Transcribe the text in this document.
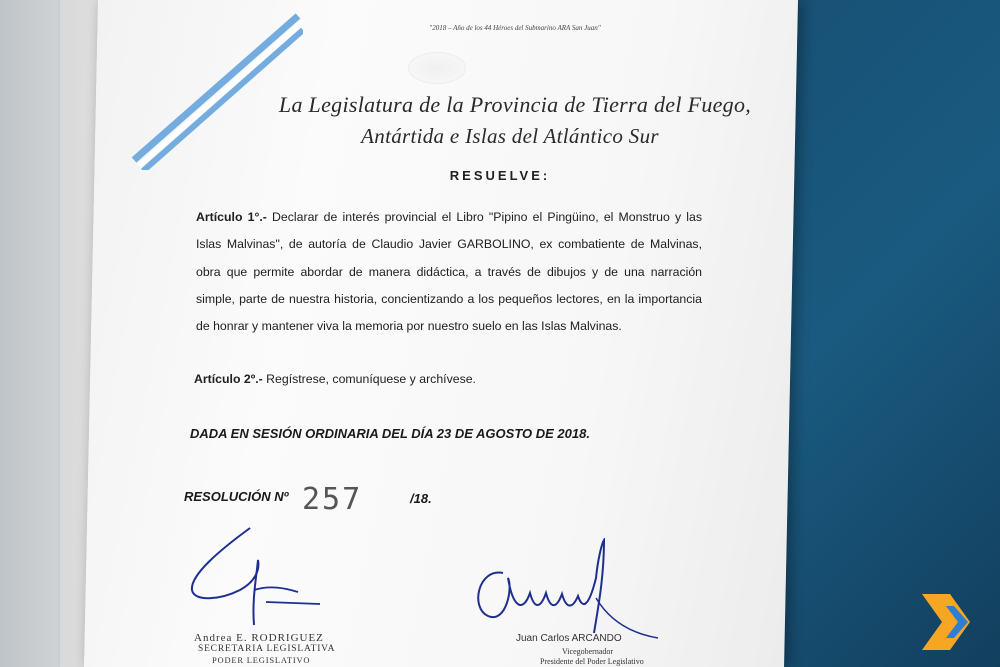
"2018 – Año de los 44 Héroes del Submarino ARA San Juan"
La Legislatura de la Provincia de Tierra del Fuego,
Antártida e Islas del Atlántico Sur
RESUELVE:
Artículo 1°.- Declarar de interés provincial el Libro "Pipino el Pingüino, el Monstruo y las Islas Malvinas", de autoría de Claudio Javier GARBOLINO, ex combatiente de Malvinas, obra que permite abordar de manera didáctica, a través de dibujos y de una narración simple, parte de nuestra historia, concientizando a los pequeños lectores, en la importancia de honrar y mantener viva la memoria por nuestro suelo en las Islas Malvinas.
Artículo 2º.- Regístrese, comuníquese y archívese.
DADA EN SESIÓN ORDINARIA DEL DÍA 23 DE AGOSTO DE 2018.
RESOLUCIÓN Nº 257	/18.
Andrea E. RODRIGUEZ
SECRETARIA LEGISLATIVA
PODER LEGISLATIVO
Juan Carlos ARCANDO
Vicegobernador
Presidente del Poder Legislativo
